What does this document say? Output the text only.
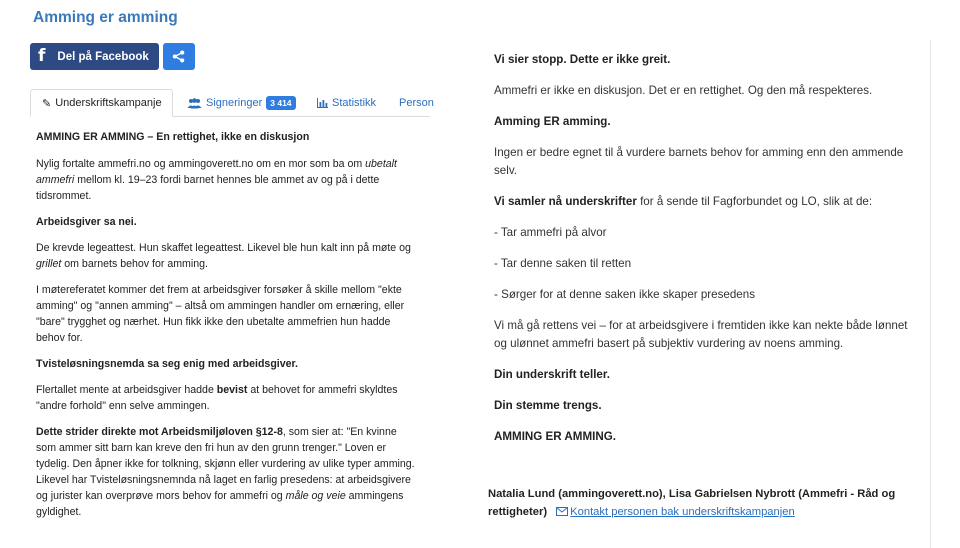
Amming er amming
f Del på Facebook
✎ Underskriftskampanje	Signeringer 3 414	Statistikk Person

AMMING ER AMMING – En rettighet, ikke en diskusjon

Nylig fortalte ammefri.no og ammingoverett.no om en mor som ba om ubetalt ammefri mellom kl. 19–23 fordi barnet hennes ble ammet av og på i dette tidsrommet.

Arbeidsgiver sa nei.

De krevde legeattest. Hun skaffet legeattest. Likevel ble hun kalt inn på møte og grillet om barnets behov for amming.

I møtereferatet kommer det frem at arbeidsgiver forsøker å skille mellom "ekte amming" og "annen amming" – altså om ammingen handler om ernæring, eller "bare" trygghet og nærhet. Hun fikk ikke den ubetalte ammefrien hun hadde behov for.

Tvisteløsningsnemda sa seg enig med arbeidsgiver.

Flertallet mente at arbeidsgiver hadde bevist at behovet for ammefri skyldtes "andre forhold" enn selve ammingen.

Dette strider direkte mot Arbeidsmiljøloven §12-8, som sier at: "En kvinne som ammer sitt barn kan kreve den fri hun av den grunn trenger." Loven er tydelig. Den åpner ikke for tolkning, skjønn eller vurdering av ulike typer amming. Likevel har Tvisteløsningsnemnda nå laget en farlig presedens: at arbeidsgivere og jurister kan overprøve mors behov for ammefri og måle og veie ammingens gyldighet.

Vi sier stopp. Dette er ikke greit.
Ammefri er ikke en diskusjon. Det er en rettighet. Og den må respekteres.
Amming ER amming.
Ingen er bedre egnet til å vurdere barnets behov for amming enn den ammende selv.
Vi samler nå underskrifter for å sende til Fagforbundet og LO, slik at de:
- Tar ammefri på alvor
- Tar denne saken til retten
- Sørger for at denne saken ikke skaper presedens
Vi må gå rettens vei – for at arbeidsgivere i fremtiden ikke kan nekte både lønnet og ulønnet ammefri basert på subjektiv vurdering av noens amming.
Din underskrift teller.
Din stemme trengs.
AMMING ER AMMING.
Natalia Lund (ammingoverett.no), Lisa Gabrielsen Nybrott (Ammefri - Råd og rettigheter) Kontakt personen bak underskriftskampanjen
